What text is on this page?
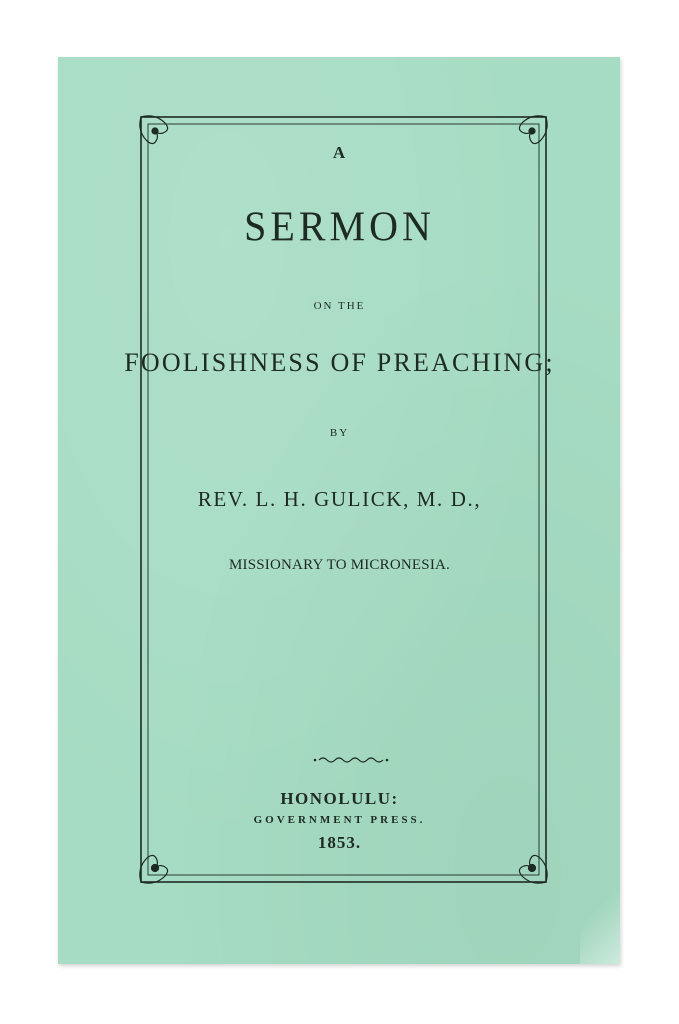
A
SERMON
ON THE
FOOLISHNESS OF PREACHING;
BY
REV. L. H. GULICK, M. D.,
MISSIONARY TO MICRONESIA.
HONOLULU:
GOVERNMENT PRESS.
1853.
